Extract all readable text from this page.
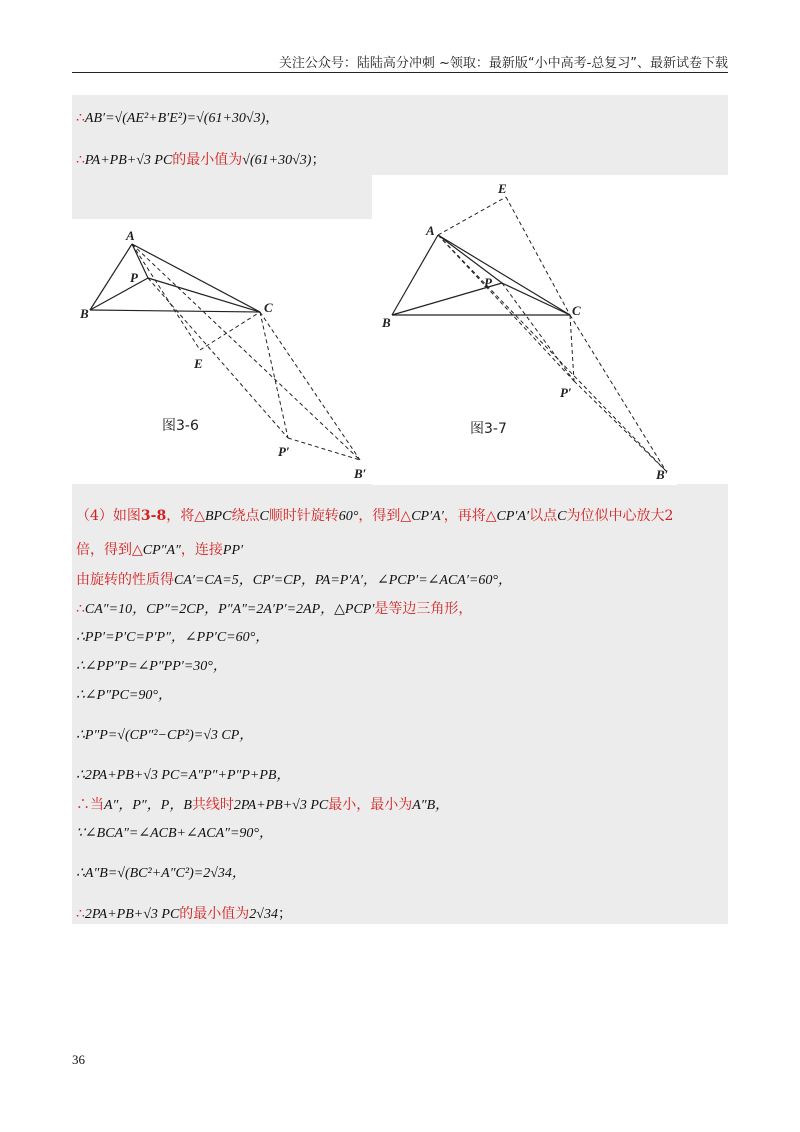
关注公众号：陆陆高分冲刺 ~领取：最新版“小中高考-总复习”、最新试卷下载
∴AB′=√(AE²+B′E²)=√(61+30√3)，
∴PA+PB+√3 PC的最小值为√(61+30√3)；
A
P
B	C
E
P′
B′
图3-6
E
A
P
B
C
P′
B′
图3-7
（4）如图3-8，将△BPC绕点C顺时针旋转60°，得到△CP′A′，再将△CP′A′以点C为位似中心放大2
倍，得到△CP″A″，连接PP′
由旋转的性质得CA′=CA=5，CP′=CP，PA=P′A′，∠PCP′=∠ACA′=60°，
∴CA″=10，CP″=2CP，P″A″=2A′P′=2AP，△PCP′是等边三角形，
∴PP′=P′C=P′P″，∠PP′C=60°，
∴∠PP″P=∠P″PP′=30°，
∴∠P″PC=90°，
∴P″P=√(CP″²−CP²)=√3 CP，
∴2PA+PB+√3 PC=A″P″+P″P+PB，
∴当A″，P″，P，B共线时2PA+PB+√3 PC最小，最小为A″B，
∵∠BCA″=∠ACB+∠ACA″=90°，
∴A″B=√(BC²+A″C²)=2√34，
∴2PA+PB+√3 PC的最小值为2√34；
36
